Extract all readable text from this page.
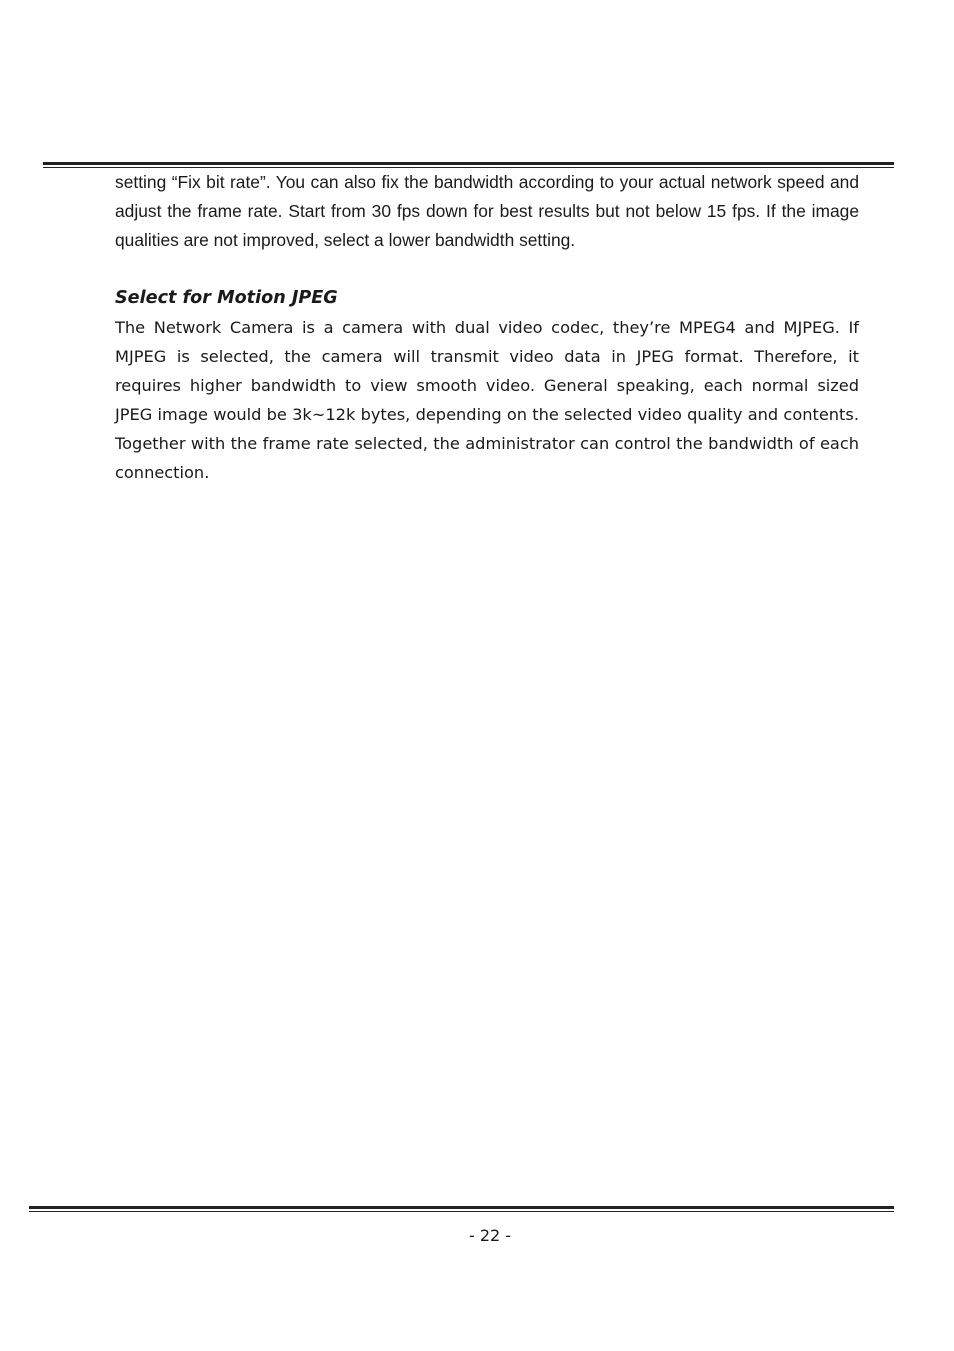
setting “Fix bit rate”. You can also fix the bandwidth according to your actual network speed and adjust the frame rate. Start from 30 fps down for best results but not below 15 fps. If the image qualities are not improved, select a lower bandwidth setting.

Select for Motion JPEG

The Network Camera is a camera with dual video codec, they’re MPEG4 and MJPEG. If MJPEG is selected, the camera will transmit video data in JPEG format. Therefore, it requires higher bandwidth to view smooth video. General speaking, each normal sized JPEG image would be 3k~12k bytes, depending on the selected video quality and contents. Together with the frame rate selected, the administrator can control the bandwidth of each connection.

- 22 -
